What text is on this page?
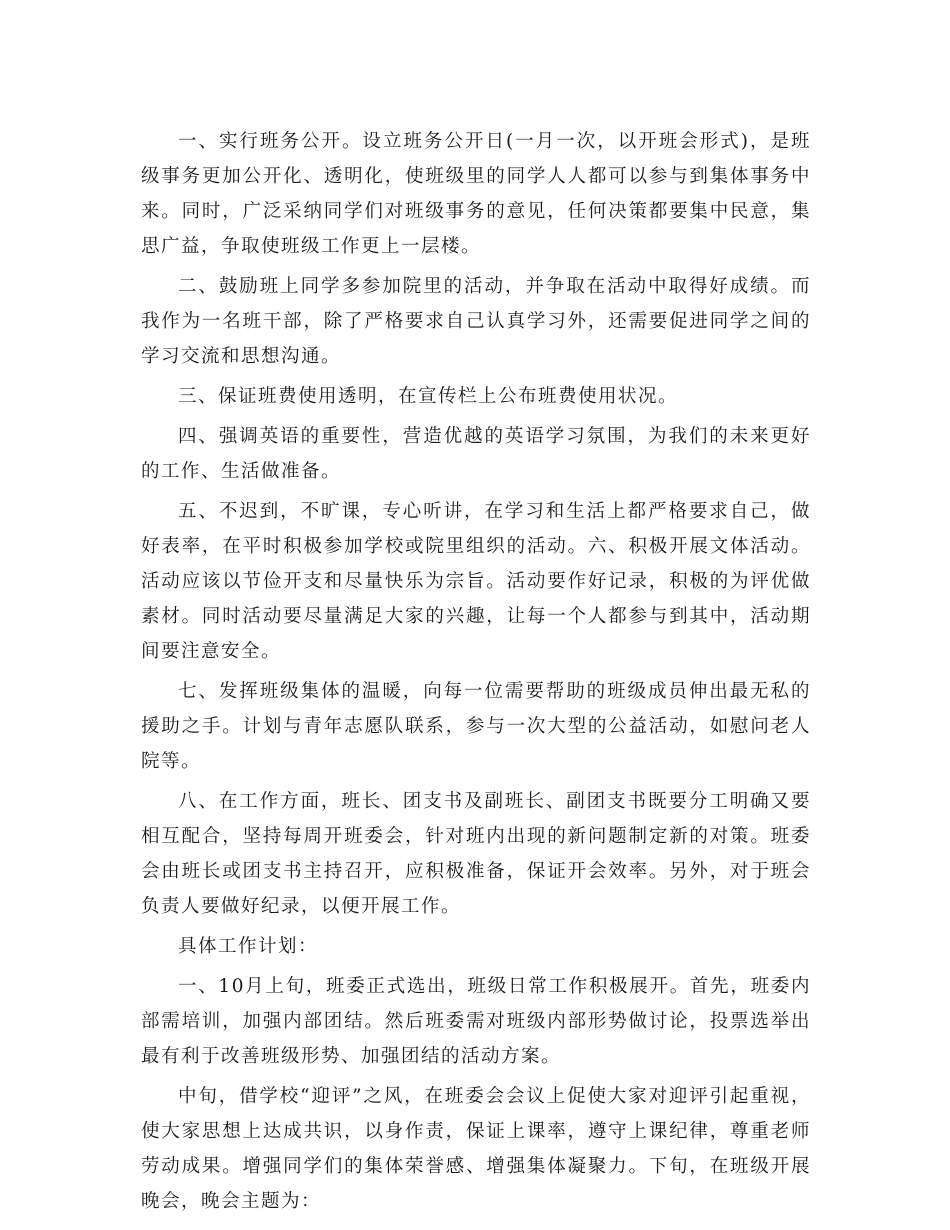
一、实行班务公开。设立班务公开日(一月一次，以开班会形式)，是班级事务更加公开化、透明化，使班级里的同学人人都可以参与到集体事务中来。同时，广泛采纳同学们对班级事务的意见，任何决策都要集中民意，集思广益，争取使班级工作更上一层楼。

二、鼓励班上同学多参加院里的活动，并争取在活动中取得好成绩。而我作为一名班干部，除了严格要求自己认真学习外，还需要促进同学之间的学习交流和思想沟通。

三、保证班费使用透明，在宣传栏上公布班费使用状况。

四、强调英语的重要性，营造优越的英语学习氛围，为我们的未来更好的工作、生活做准备。

五、不迟到，不旷课，专心听讲，在学习和生活上都严格要求自己，做好表率，在平时积极参加学校或院里组织的活动。六、积极开展文体活动。活动应该以节俭开支和尽量快乐为宗旨。活动要作好记录，积极的为评优做素材。同时活动要尽量满足大家的兴趣，让每一个人都参与到其中，活动期间要注意安全。

七、发挥班级集体的温暖，向每一位需要帮助的班级成员伸出最无私的援助之手。计划与青年志愿队联系，参与一次大型的公益活动，如慰问老人院等。

八、在工作方面，班长、团支书及副班长、副团支书既要分工明确又要相互配合，坚持每周开班委会，针对班内出现的新问题制定新的对策。班委会由班长或团支书主持召开，应积极准备，保证开会效率。另外，对于班会负责人要做好纪录，以便开展工作。

具体工作计划：

一、10月上旬，班委正式选出，班级日常工作积极展开。首先，班委内部需培训，加强内部团结。然后班委需对班级内部形势做讨论，投票选举出最有利于改善班级形势、加强团结的活动方案。

中旬，借学校“迎评”之风，在班委会会议上促使大家对迎评引起重视，使大家思想上达成共识，以身作责，保证上课率，遵守上课纪律，尊重老师劳动成果。增强同学们的集体荣誉感、增强集体凝聚力。下旬，在班级开展晚会，晚会主题为：
